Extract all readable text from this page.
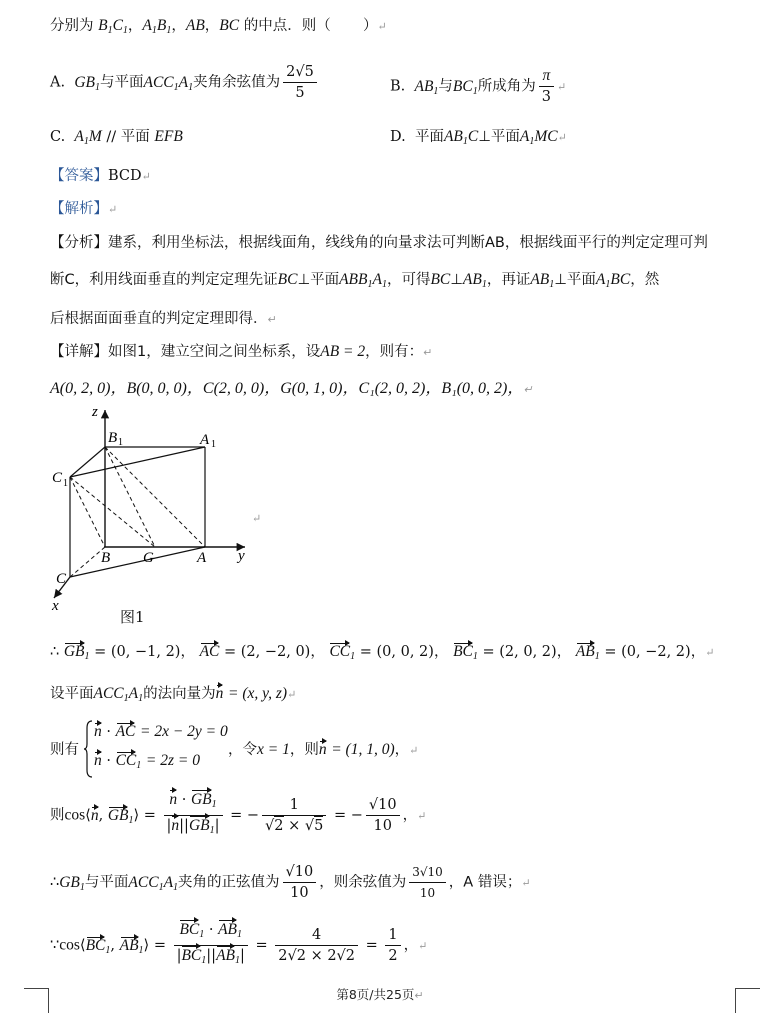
分别为 $B_1C_1$，$A_1B_1$，AB，BC 的中点．则（ ）↵
A. $GB_1$与平面$ACC_1A_1$夹角余弦值为 $\frac{2√5}{5}$	B. $AB_1$与$BC_1$所成角为 $\frac{\pi}{3}$ ↵
C. $A_1M$ // 平面 EFB	D. 平面$AB_1C\perp$平面$A_1MC↵$
【答案】BCD↵
【解析】↵
【分析】建系，利用坐标法，根据线面角，线线角的向量求法可判断AB，根据线面平行的判定定理可判
断C，利用线面垂直的判定定理先证BC⊥平面$ABB_1A_1$，可得$BC\perp AB_1$，再证$AB_1\perp$平面$A_1BC$，然
后根据面面垂直的判定定理即得．↵
【详解】如图1，建立空间之间坐标系，设AB = 2，则有：↵
A(0, 2, 0)，B(0, 0, 0)，C(2, 0, 0)，G(0, 1, 0)，C₁(2, 0, 2)，B₁(0, 0, 2)，↵
z
y
x
B 1	A 1
C 1
B G	A
C
↵
图1
∴ $GB_1 = (0$, −1, 2)， AC = (2, −2, 0)， $CC_1 = (0$, 0, 2)， $BC_1 = (2$, 0, 2)， $AB_1 = (0$, −2, 2)，↵
设平面$ACC_1A_1$的法向量为n = (x, y, z)↵
则有
n · AC = 2x − 2y = 0
$n \cdot CC_1 = 2z = 0$
，令x = 1，则n = (1, 1, 0)，↵
则cos⟨n, $GB_1⟩ = \frac{n \cdot GB_1}{|n||GB_1|}$ = − $\frac{1}{√2 \times √5}$ = − $\frac{√10}{10}$ ，↵
$\therefore GB_1$与平面$ACC_1A_1$夹角的正弦值为 $\frac{√10}{10}$ ，则余弦值为 $\frac{3√10}{10}$ ，A 错误；↵
$\because\cos⟨BC_1$, $AB_1⟩ = \frac{BC_1 \cdot AB_1}{|BC_1||AB_1|} = \frac{4}{2√2 \times 2√2} = \frac{1}{2}$ ，↵
第8页/共25页↵
